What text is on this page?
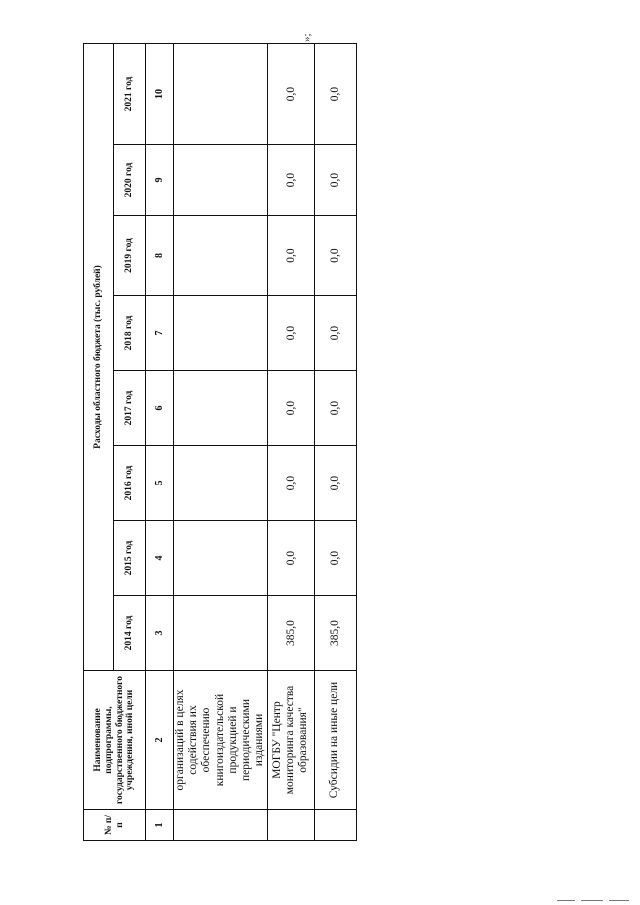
№ п/п	Наименование подпрограммы, государственного бюджетного учреждения, иной цели	Расходы областного бюджета (тыс. рублей)							
		2014 год	2015 год	2016 год	2017 год	2018 год	2019 год	2020 год	2021 год
1	2	3	4	5	6	7	8	9	10
	организаций в целях содействия их обеспечению книгоиздательской продукцией и периодическими изданиями								
	МОГБУ "Центр мониторинга качества образования"	385,0	0,0	0,0	0,0	0,0	0,0	0,0	0,0
	Субсидии на иные цели	385,0	0,0	0,0	0,0	0,0	0,0	0,0	0,0
»;
